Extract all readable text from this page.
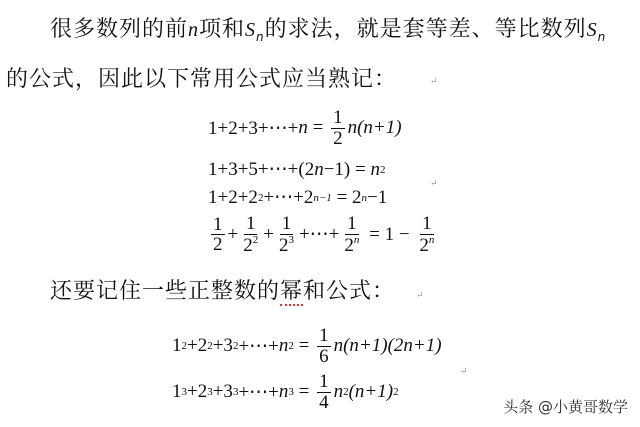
很多数列的前n项和$S_n$的求法，就是套等差、等比数列$S_n$
的公式，因此以下常用公式应当熟记：	↵
1+2+3+⋯+ $n = \frac{1}{2} n(n+1)$
1+3+5+⋯+(2 n −1) = n 2
1+2+2 2 +⋯+2 n−1 = 2 n −1
↵
$\frac{1}{2} + \frac{1}{2^2} + \frac{1}{2^3}$ +⋯+ $\frac{1}{2^n} = 1 - \frac{1}{2^n}$
还要记住一些正整数的幂和公式： ↵
1 2 +2 2 +3 2 +⋯+ n $2 = \frac{1}{6} n(n+1)(2n+1)$
↵
1 3 +2 3 +3 3 +⋯+ n $3 = \frac{1}{4}$ n 2 (n+1) 2
头条 @小黄哥数学
